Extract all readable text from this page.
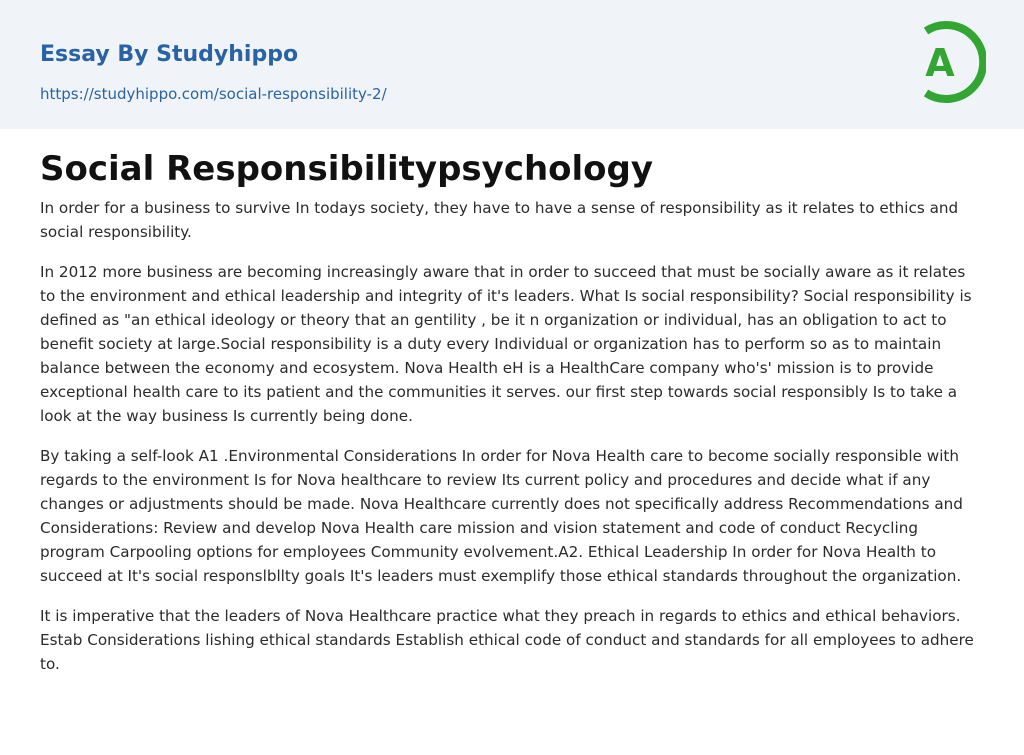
Essay By Studyhippo
https://studyhippo.com/social-responsibility-2/
A
Social Responsibilitypsychology

In order for a business to survive In todays society, they have to have a sense of responsibility as it relates to ethics and social responsibility.

In 2012 more business are becoming increasingly aware that in order to succeed that must be socially aware as it relates to the environment and ethical leadership and integrity of it's leaders. What Is social responsibility? Social responsibility is defined as "an ethical ideology or theory that an gentility , be it n organization or individual, has an obligation to act to benefit society at large.Social responsibility is a duty every Individual or organization has to perform so as to maintain balance between the economy and ecosystem. Nova Health eH is a HealthCare company who's' mission is to provide exceptional health care to its patient and the communities it serves. our first step towards social responsibly Is to take a look at the way business Is currently being done.

By taking a self-look A1 .Environmental Considerations In order for Nova Health care to become socially responsible with regards to the environment Is for Nova healthcare to review Its current policy and procedures and decide what if any changes or adjustments should be made. Nova Healthcare currently does not specifically address Recommendations and Considerations: Review and develop Nova Health care mission and vision statement and code of conduct Recycling program Carpooling options for employees Community evolvement.A2. Ethical Leadership In order for Nova Health to succeed at It's social responslbllty goals It's leaders must exemplify those ethical standards throughout the organization.

It is imperative that the leaders of Nova Healthcare practice what they preach in regards to ethics and ethical behaviors. Estab Considerations lishing ethical standards Establish ethical code of conduct and standards for all employees to adhere to.
